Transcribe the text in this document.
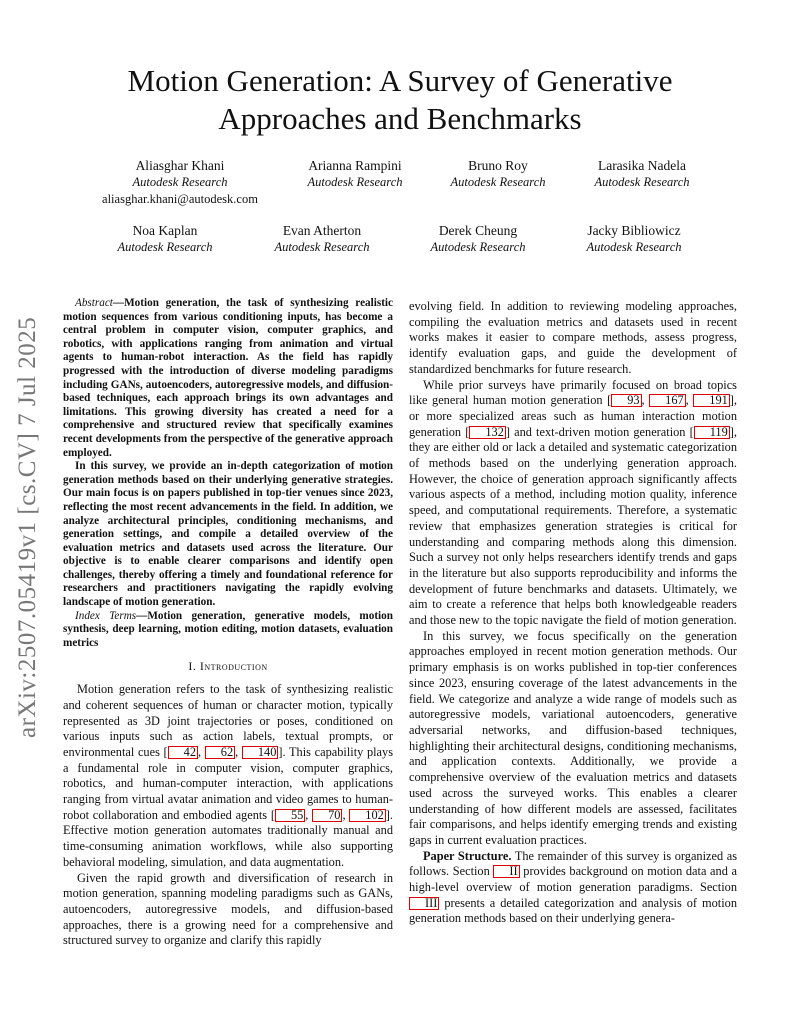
Motion Generation: A Survey of Generative
Approaches and Benchmarks
Aliasghar Khani
Autodesk Research
aliasghar.khani@autodesk.com
Arianna Rampini
Autodesk Research
Bruno Roy
Autodesk Research
Larasika Nadela
Autodesk Research
Noa Kaplan
Autodesk Research
Evan Atherton
Autodesk Research
Derek Cheung
Autodesk Research
Jacky Bibliowicz
Autodesk Research
arXiv:2507.05419v1 [cs.CV] 7 Jul 2025

Abstract—Motion generation, the task of synthesizing realistic motion sequences from various conditioning inputs, has become a central problem in computer vision, computer graphics, and robotics, with applications ranging from animation and virtual agents to human-robot interaction. As the field has rapidly progressed with the introduction of diverse modeling paradigms including GANs, autoencoders, autoregressive models, and diffusion-based techniques, each approach brings its own advantages and limitations. This growing diversity has created a need for a comprehensive and structured review that specifically examines recent developments from the perspective of the generative approach employed.

In this survey, we provide an in-depth categorization of motion generation methods based on their underlying generative strategies. Our main focus is on papers published in top-tier venues since 2023, reflecting the most recent advancements in the field. In addition, we analyze architectural principles, conditioning mechanisms, and generation settings, and compile a detailed overview of the evaluation metrics and datasets used across the literature. Our objective is to enable clearer comparisons and identify open challenges, thereby offering a timely and foundational reference for researchers and practitioners navigating the rapidly evolving landscape of motion generation.

Index Terms—Motion generation, generative models, motion synthesis, deep learning, motion editing, motion datasets, evaluation metrics

I. Introduction

Motion generation refers to the task of synthesizing realistic and coherent sequences of human or character motion, typically represented as 3D joint trajectories or poses, conditioned on various inputs such as action labels, textual prompts, or environmental cues [ 42 , 62 , 140 ]. This capability plays a fundamental role in computer vision, computer graphics, robotics, and human-computer interaction, with applications ranging from virtual avatar animation and video games to human-robot collaboration and embodied agents [ 55 , 70 , 102 ]. Effective motion generation automates traditionally manual and time-consuming animation workflows, while also supporting behavioral modeling, simulation, and data augmentation.

Given the rapid growth and diversification of research in motion generation, spanning modeling paradigms such as GANs, autoencoders, autoregressive models, and diffusion-based approaches, there is a growing need for a comprehensive and structured survey to organize and clarify this rapidly

evolving field. In addition to reviewing modeling approaches, compiling the evaluation metrics and datasets used in recent works makes it easier to compare methods, assess progress, identify evaluation gaps, and guide the development of standardized benchmarks for future research.

While prior surveys have primarily focused on broad topics like general human motion generation [ 93 , 167 , 191 ], or more specialized areas such as human interaction motion generation [ 132 ] and text-driven motion generation [ 119 ], they are either old or lack a detailed and systematic categorization of methods based on the underlying generation approach. However, the choice of generation approach significantly affects various aspects of a method, including motion quality, inference speed, and computational requirements. Therefore, a systematic review that emphasizes generation strategies is critical for understanding and comparing methods along this dimension. Such a survey not only helps researchers identify trends and gaps in the literature but also supports reproducibility and informs the development of future benchmarks and datasets. Ultimately, we aim to create a reference that helps both knowledgeable readers and those new to the topic navigate the field of motion generation.

In this survey, we focus specifically on the generation approaches employed in recent motion generation methods. Our primary emphasis is on works published in top-tier conferences since 2023, ensuring coverage of the latest advancements in the field. We categorize and analyze a wide range of models such as autoregressive models, variational autoencoders, generative adversarial networks, and diffusion-based techniques, highlighting their architectural designs, conditioning mechanisms, and application contexts. Additionally, we provide a comprehensive overview of the evaluation metrics and datasets used across the surveyed works. This enables a clearer understanding of how different models are assessed, facilitates fair comparisons, and helps identify emerging trends and existing gaps in current evaluation practices.

Paper Structure. The remainder of this survey is organized as follows. Section II provides background on motion data and a high-level overview of motion generation paradigms. Section III presents a detailed categorization and analysis of motion generation methods based on their underlying genera-
